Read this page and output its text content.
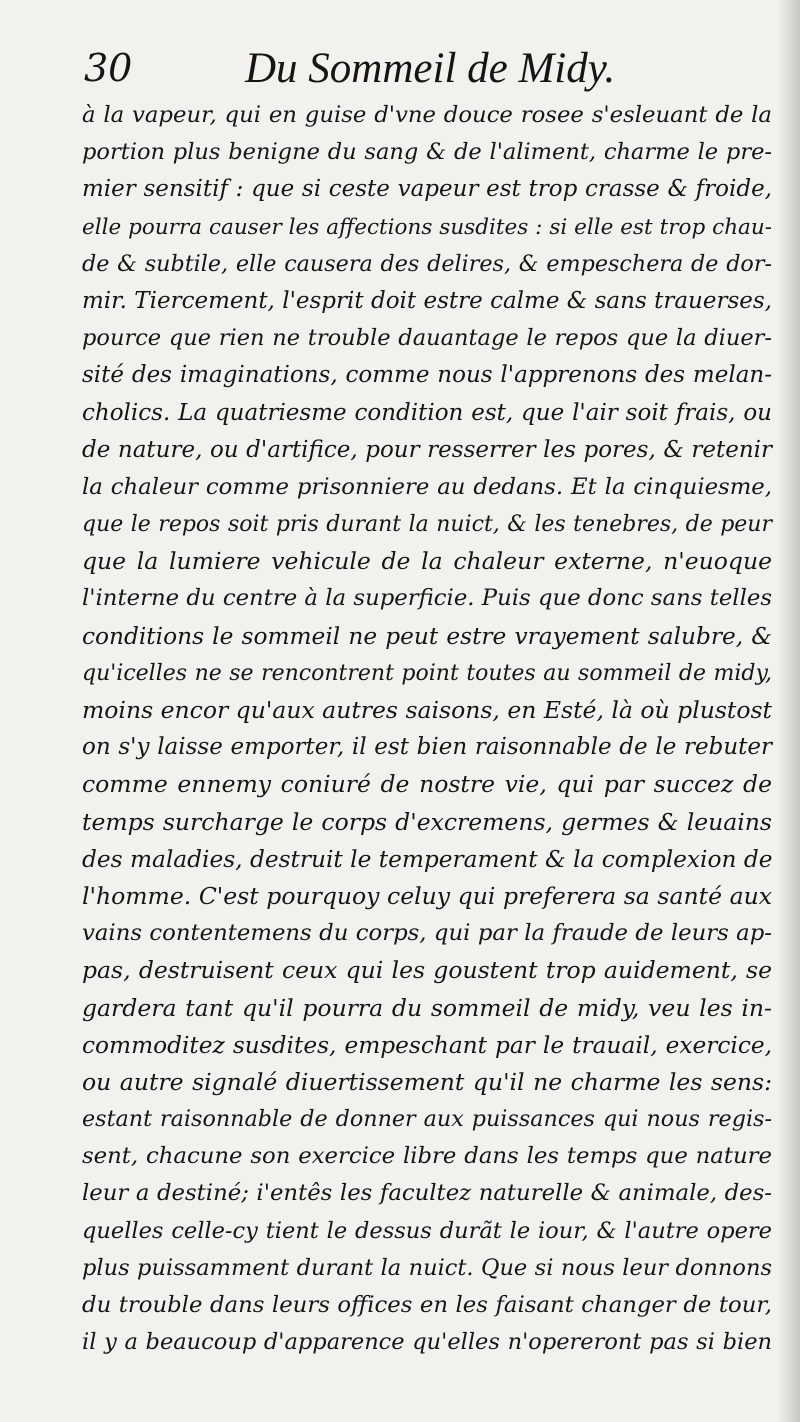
30	Du Sommeil de Midy.
à la vapeur, qui en guise d'vne douce rosee s'esleuant de la
portion plus benigne du sang & de l'aliment, charme le pre-
mier sensitif : que si ceste vapeur est trop crasse & froide,
elle pourra causer les affections susdites : si elle est trop chau-
de & subtile, elle causera des delires, & empeschera de dor-
mir. Tiercement, l'esprit doit estre calme & sans trauerses,
pource que rien ne trouble dauantage le repos que la diuer-
sité des imaginations, comme nous l'apprenons des melan-
cholics. La quatriesme condition est, que l'air soit frais, ou
de nature, ou d'artifice, pour resserrer les pores, & retenir
la chaleur comme prisonniere au dedans. Et la cinquiesme,
que le repos soit pris durant la nuict, & les tenebres, de peur
que la lumiere vehicule de la chaleur externe, n'euoque
l'interne du centre à la superficie. Puis que donc sans telles
conditions le sommeil ne peut estre vrayement salubre, &
qu'icelles ne se rencontrent point toutes au sommeil de midy,
moins encor qu'aux autres saisons, en Esté, là où plustost
on s'y laisse emporter, il est bien raisonnable de le rebuter
comme ennemy coniuré de nostre vie, qui par succez de
temps surcharge le corps d'excremens, germes & leuains
des maladies, destruit le temperament & la complexion de
l'homme. C'est pourquoy celuy qui preferera sa santé aux
vains contentemens du corps, qui par la fraude de leurs ap-
pas, destruisent ceux qui les goustent trop auidement, se
gardera tant qu'il pourra du sommeil de midy, veu les in-
commoditez susdites, empeschant par le trauail, exercice,
ou autre signalé diuertissement qu'il ne charme les sens:
estant raisonnable de donner aux puissances qui nous regis-
sent, chacune son exercice libre dans les temps que nature
leur a destiné; i'entês les facultez naturelle & animale, des-
quelles celle-cy tient le dessus durãt le iour, & l'autre opere
plus puissamment durant la nuict. Que si nous leur donnons
du trouble dans leurs offices en les faisant changer de tour,
il y a beaucoup d'apparence qu'elles n'opereront pas si bien
